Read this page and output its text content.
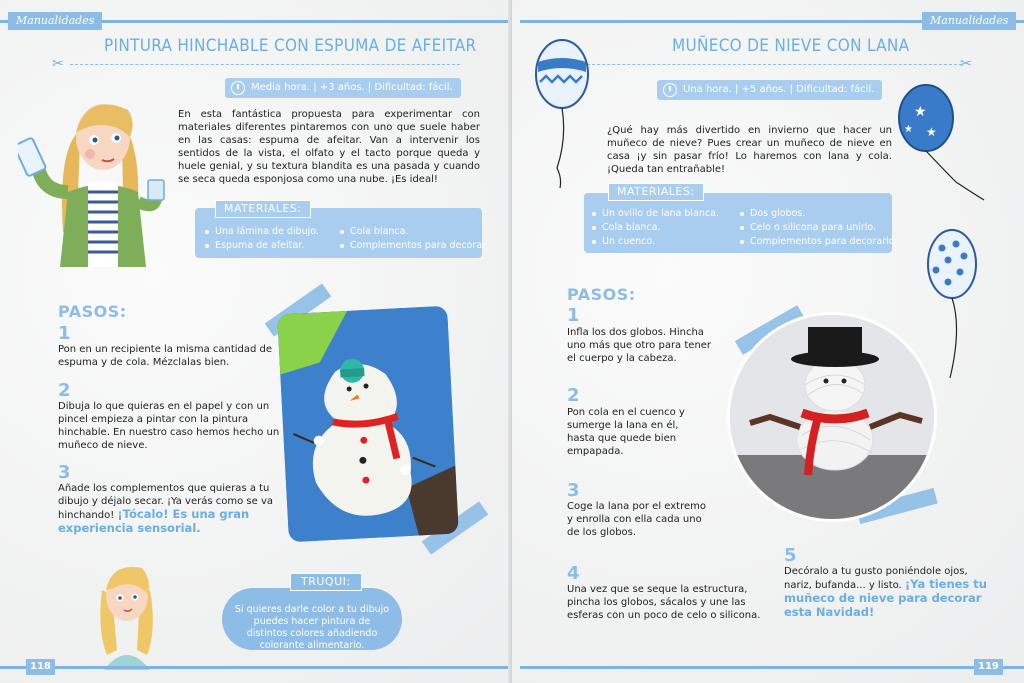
Manualidades
✂
PINTURA HINCHABLE CON ESPUMA DE AFEITAR
Media hora. | +3 años. | Dificultad: fácil.
En esta fantástica propuesta para experimentar con materiales diferentes pintaremos con uno que suele haber en las casas: espuma de afeitar. Van a intervenir los sentidos de la vista, el olfato y el tacto porque queda y huele genial, y su textura blandita es una pasada y cuando se seca queda esponjosa como una nube. ¡Es ideal!
MATERIALES:
Una lámina de dibujo.
Espuma de afeitar.
Cola blanca.
Complementos para decorar.
PASOS:
1
Pon en un recipiente la misma cantidad de espuma y de cola. Mézclalas bien.
2
Dibuja lo que quieras en el papel y con un pincel empieza a pintar con la pintura hinchable. En nuestro caso hemos hecho un muñeco de nieve.
3
Añade los complementos que quieras a tu dibujo y déjalo secar. ¡Ya verás como se va hinchando! ¡Tócalo! Es una gran experiencia sensorial.
Si quieres darle color a tu dibujo puedes hacer pintura de distintos colores añadiendo colorante alimentario.
TRUQUI:
118
Manualidades
✂
MUÑECO DE NIEVE CON LANA
★
★
★
Una hora. | +5 años. | Dificultad: fácil.
¿Qué hay más divertido en invierno que hacer un muñeco de nieve? Pues crear un muñeco de nieve en casa ¡y sin pasar frío! Lo haremos con lana y cola. ¡Queda tan entrañable!
MATERIALES:
Un ovillo de lana blanca.
Cola blanca.
Un cuenco.
Dos globos.
Celo o silicona para unirlo.
Complementos para decorarlo.
PASOS:
1
Infla los dos globos. Hincha uno más que otro para tener el cuerpo y la cabeza.
2
Pon cola en el cuenco y sumerge la lana en él, hasta que quede bien empapada.
3
Coge la lana por el extremo y enrolla con ella cada uno de los globos.
4
Una vez que se seque la estructura, pincha los globos, sácalos y une las esferas con un poco de celo o silicona.
5
Decóralo a tu gusto poniéndole ojos, nariz, bufanda... y listo. ¡Ya tienes tu muñeco de nieve para decorar esta Navidad!
119
